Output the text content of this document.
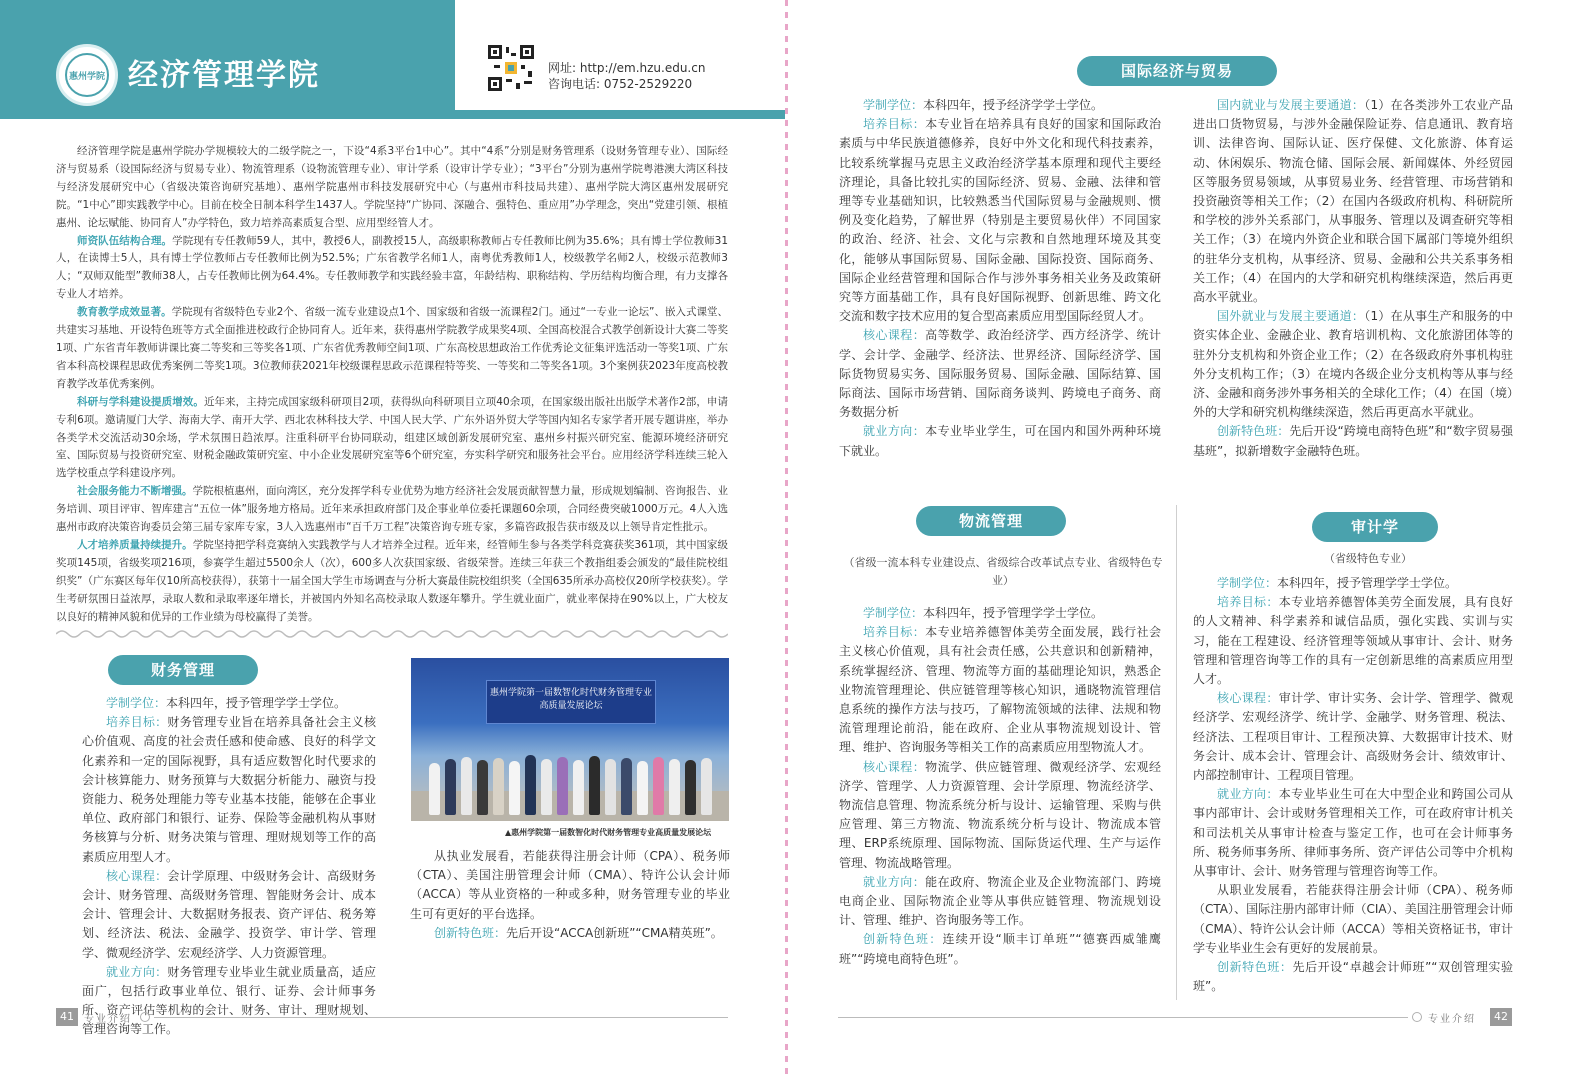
惠州学院 经济管理学院	网址: http://em.hzu.edu.cn
咨询电话: 0752-2529220

经济管理学院是惠州学院办学规模较大的二级学院之一，下设“4系3平台1中心”。其中“4系”分别是财务管理系（设财务管理专业）、国际经济与贸易系（设国际经济与贸易专业）、物流管理系（设物流管理专业）、审计学系（设审计学专业）；“3平台”分别为惠州学院粤港澳大湾区科技与经济发展研究中心（省级决策咨询研究基地）、惠州学院惠州市科技发展研究中心（与惠州市科技局共建）、惠州学院大湾区惠州发展研究院。“1中心”即实践教学中心。目前在校全日制本科学生1437人。学院坚持“广协同、深融合、强特色、重应用”办学理念，突出“党建引领、根植惠州、论坛赋能、协同育人”办学特色，致力培养高素质复合型、应用型经管人才。

师资队伍结构合理。学院现有专任教师59人，其中，教授6人，副教授15人，高级职称教师占专任教师比例为35.6%；具有博士学位教师31人，在读博士5人，具有博士学位教师占专任教师比例为52.5%；广东省教学名师1人，南粤优秀教师1人，校级教学名师2人，校级示范教师3人；“双师双能型”教师38人，占专任教师比例为64.4%。专任教师教学和实践经验丰富，年龄结构、职称结构、学历结构均衡合理，有力支撑各专业人才培养。

教育教学成效显著。学院现有省级特色专业2个、省级一流专业建设点1个、国家级和省级一流课程2门。通过“一专业一论坛”、嵌入式课堂、共建实习基地、开设特色班等方式全面推进校政行企协同育人。近年来，获得惠州学院教学成果奖4项、全国高校混合式教学创新设计大赛二等奖1项、广东省青年教师讲课比赛二等奖和三等奖各1项、广东省优秀教师空间1项、广东高校思想政治工作优秀论文征集评选活动一等奖1项、广东省本科高校课程思政优秀案例二等奖1项。3位教师获2021年校级课程思政示范课程特等奖、一等奖和二等奖各1项。3个案例获2023年度高校教育教学改革优秀案例。

科研与学科建设提质增效。近年来，主持完成国家级科研项目2项，获得纵向科研项目立项40余项，在国家级出版社出版学术著作2部，申请专利6项。邀请厦门大学、海南大学、南开大学、西北农林科技大学、中国人民大学、广东外语外贸大学等国内知名专家学者开展专题讲座，举办各类学术交流活动30余场，学术氛围日趋浓厚。注重科研平台协同联动，组建区域创新发展研究室、惠州乡村振兴研究室、能源环境经济研究室、国际贸易与投资研究室、财税金融政策研究室、中小企业发展研究室等6个研究室，夯实科学研究和服务社会平台。应用经济学科连续三轮入选学校重点学科建设序列。

社会服务能力不断增强。学院根植惠州，面向湾区，充分发挥学科专业优势为地方经济社会发展贡献智慧力量，形成规划编制、咨询报告、业务培训、项目评审、智库建言“五位一体”服务地方格局。近年来承担政府部门及企事业单位委托课题60余项，合同经费突破1000万元。4人入选惠州市政府决策咨询委员会第三届专家库专家，3人入选惠州市“百千万工程”决策咨询专班专家，多篇咨政报告获市级及以上领导肯定性批示。

人才培养质量持续提升。学院坚持把学科竞赛纳入实践教学与人才培养全过程。近年来，经管师生参与各类学科竞赛获奖361项，其中国家级奖项145项，省级奖项216项，参赛学生超过5500余人（次），600多人次获国家级、省级荣誉。连续三年获三个教指组委会颁发的“最佳院校组织奖”（广东赛区每年仅10所高校获得），获第十一届全国大学生市场调查与分析大赛最佳院校组织奖（全国635所承办高校仅20所学校获奖）。学生考研氛围日益浓厚，录取人数和录取率逐年增长，并被国内外知名高校录取人数逐年攀升。学生就业面广，就业率保持在90%以上，广大校友以良好的精神风貌和优异的工作业绩为母校赢得了美誉。

财务管理

学制学位：本科四年，授予管理学学士学位。

培养目标：财务管理专业旨在培养具备社会主义核心价值观、高度的社会责任感和使命感、良好的科学文化素养和一定的国际视野，具有适应数智化时代要求的会计核算能力、财务预算与大数据分析能力、融资与投资能力、税务处理能力等专业基本技能，能够在企事业单位、政府部门和银行、证券、保险等金融机构从事财务核算与分析、财务决策与管理、理财规划等工作的高素质应用型人才。

核心课程：会计学原理、中级财务会计、高级财务会计、财务管理、高级财务管理、智能财务会计、成本会计、管理会计、大数据财务报表、资产评估、税务筹划、经济法、税法、金融学、投资学、审计学、管理学、微观经济学、宏观经济学、人力资源管理。

就业方向：财务管理专业毕业生就业质量高，适应面广，包括行政事业单位、银行、证券、会计师事务所、资产评估等机构的会计、财务、审计、理财规划、管理咨询等工作。

惠州学院第一届数智化时代财务管理专业高质量发展论坛
▲惠州学院第一届数智化时代财务管理专业高质量发展论坛

从执业发展看，若能获得注册会计师（CPA）、税务师（CTA）、美国注册管理会计师（CMA）、特许公认会计师（ACCA）等从业资格的一种或多种，财务管理专业的毕业生可有更好的平台选择。

创新特色班：先后开设“ACCA创新班”“CMA精英班”。

41	专业介绍
国际经济与贸易

学制学位：本科四年，授予经济学学士学位。

培养目标：本专业旨在培养具有良好的国家和国际政治素质与中华民族道德修养，良好中外文化和现代科技素养，比较系统掌握马克思主义政治经济学基本原理和现代主要经济理论，具备比较扎实的国际经济、贸易、金融、法律和管理等专业基础知识，比较熟悉当代国际贸易与金融规则、惯例及变化趋势，了解世界（特别是主要贸易伙伴）不同国家的政治、经济、社会、文化与宗教和自然地理环境及其变化，能够从事国际贸易、国际金融、国际投资、国际商务、国际企业经营管理和国际合作与涉外事务相关业务及政策研究等方面基础工作，具有良好国际视野、创新思维、跨文化交流和数字技术应用的复合型高素质应用型国际经贸人才。

核心课程：高等数学、政治经济学、西方经济学、统计学、会计学、金融学、经济法、世界经济、国际经济学、国际货物贸易实务、国际服务贸易、国际金融、国际结算、国际商法、国际市场营销、国际商务谈判、跨境电子商务、商务数据分析

就业方向：本专业毕业学生，可在国内和国外两种环境下就业。

国内就业与发展主要通道：（1）在各类涉外工农业产品进出口货物贸易，与涉外金融保险证券、信息通讯、教育培训、法律咨询、国际认证、医疗保健、文化旅游、体育运动、休闲娱乐、物流仓储、国际会展、新闻媒体、外经贸园区等服务贸易领域，从事贸易业务、经营管理、市场营销和投资融资等相关工作；（2）在国内各级政府机构、科研院所和学校的涉外关系部门，从事服务、管理以及调查研究等相关工作；（3）在境内外资企业和联合国下属部门等境外组织的驻华分支机构，从事经济、贸易、金融和公共关系事务相关工作；（4）在国内的大学和研究机构继续深造，然后再更高水平就业。

国外就业与发展主要通道：（1）在从事生产和服务的中资实体企业、金融企业、教育培训机构、文化旅游团体等的驻外分支机构和外资企业工作；（2）在各级政府外事机构驻外分支机构工作；（3）在境内各级企业分支机构等从事与经济、金融和商务涉外事务相关的全球化工作；（4）在国（境）外的大学和研究机构继续深造，然后再更高水平就业。

创新特色班：先后开设“跨境电商特色班”和“数字贸易强基班”，拟新增数字金融特色班。

物流管理
（省级一流本科专业建设点、省级综合改革试点专业、省级特色专业）

学制学位：本科四年，授予管理学学士学位。

培养目标：本专业培养德智体美劳全面发展，践行社会主义核心价值观，具有社会责任感，公共意识和创新精神，系统掌握经济、管理、物流等方面的基础理论知识，熟悉企业物流管理理论、供应链管理等核心知识，通晓物流管理信息系统的操作方法与技巧，了解物流领域的法律、法规和物流管理理论前沿，能在政府、企业从事物流规划设计、管理、维护、咨询服务等相关工作的高素质应用型物流人才。

核心课程：物流学、供应链管理、微观经济学、宏观经济学、管理学、人力资源管理、会计学原理、物流经济学、物流信息管理、物流系统分析与设计、运输管理、采购与供应管理、第三方物流、物流系统分析与设计、物流成本管理、ERP系统原理、国际物流、国际货运代理、生产与运作管理、物流战略管理。

就业方向：能在政府、物流企业及企业物流部门、跨境电商企业、国际物流企业等从事供应链管理、物流规划设计、管理、维护、咨询服务等工作。

创新特色班：连续开设“顺丰订单班”“德赛西威雏鹰班”“跨境电商特色班”。

审计学
（省级特色专业）

学制学位：本科四年，授予管理学学士学位。

培养目标：本专业培养德智体美劳全面发展，具有良好的人文精神、科学素养和诚信品质，强化实践、实训与实习，能在工程建设、经济管理等领域从事审计、会计、财务管理和管理咨询等工作的具有一定创新思维的高素质应用型人才。

核心课程：审计学、审计实务、会计学、管理学、微观经济学、宏观经济学、统计学、金融学、财务管理、税法、经济法、工程项目审计、工程预决算、大数据审计技术、财务会计、成本会计、管理会计、高级财务会计、绩效审计、内部控制审计、工程项目管理。

就业方向：本专业毕业生可在大中型企业和跨国公司从事内部审计、会计或财务管理相关工作，可在政府审计机关和司法机关从事审计检查与鉴定工作，也可在会计师事务所、税务师事务所、律师事务所、资产评估公司等中介机构从事审计、会计、财务管理与管理咨询等工作。

从职业发展看，若能获得注册会计师（CPA）、税务师（CTA）、国际注册内部审计师（CIA）、美国注册管理会计师（CMA）、特许公认会计师（ACCA）等相关资格证书，审计学专业毕业生会有更好的发展前景。

创新特色班：先后开设“卓越会计师班”“双创管理实验班”。

专业介绍	42
